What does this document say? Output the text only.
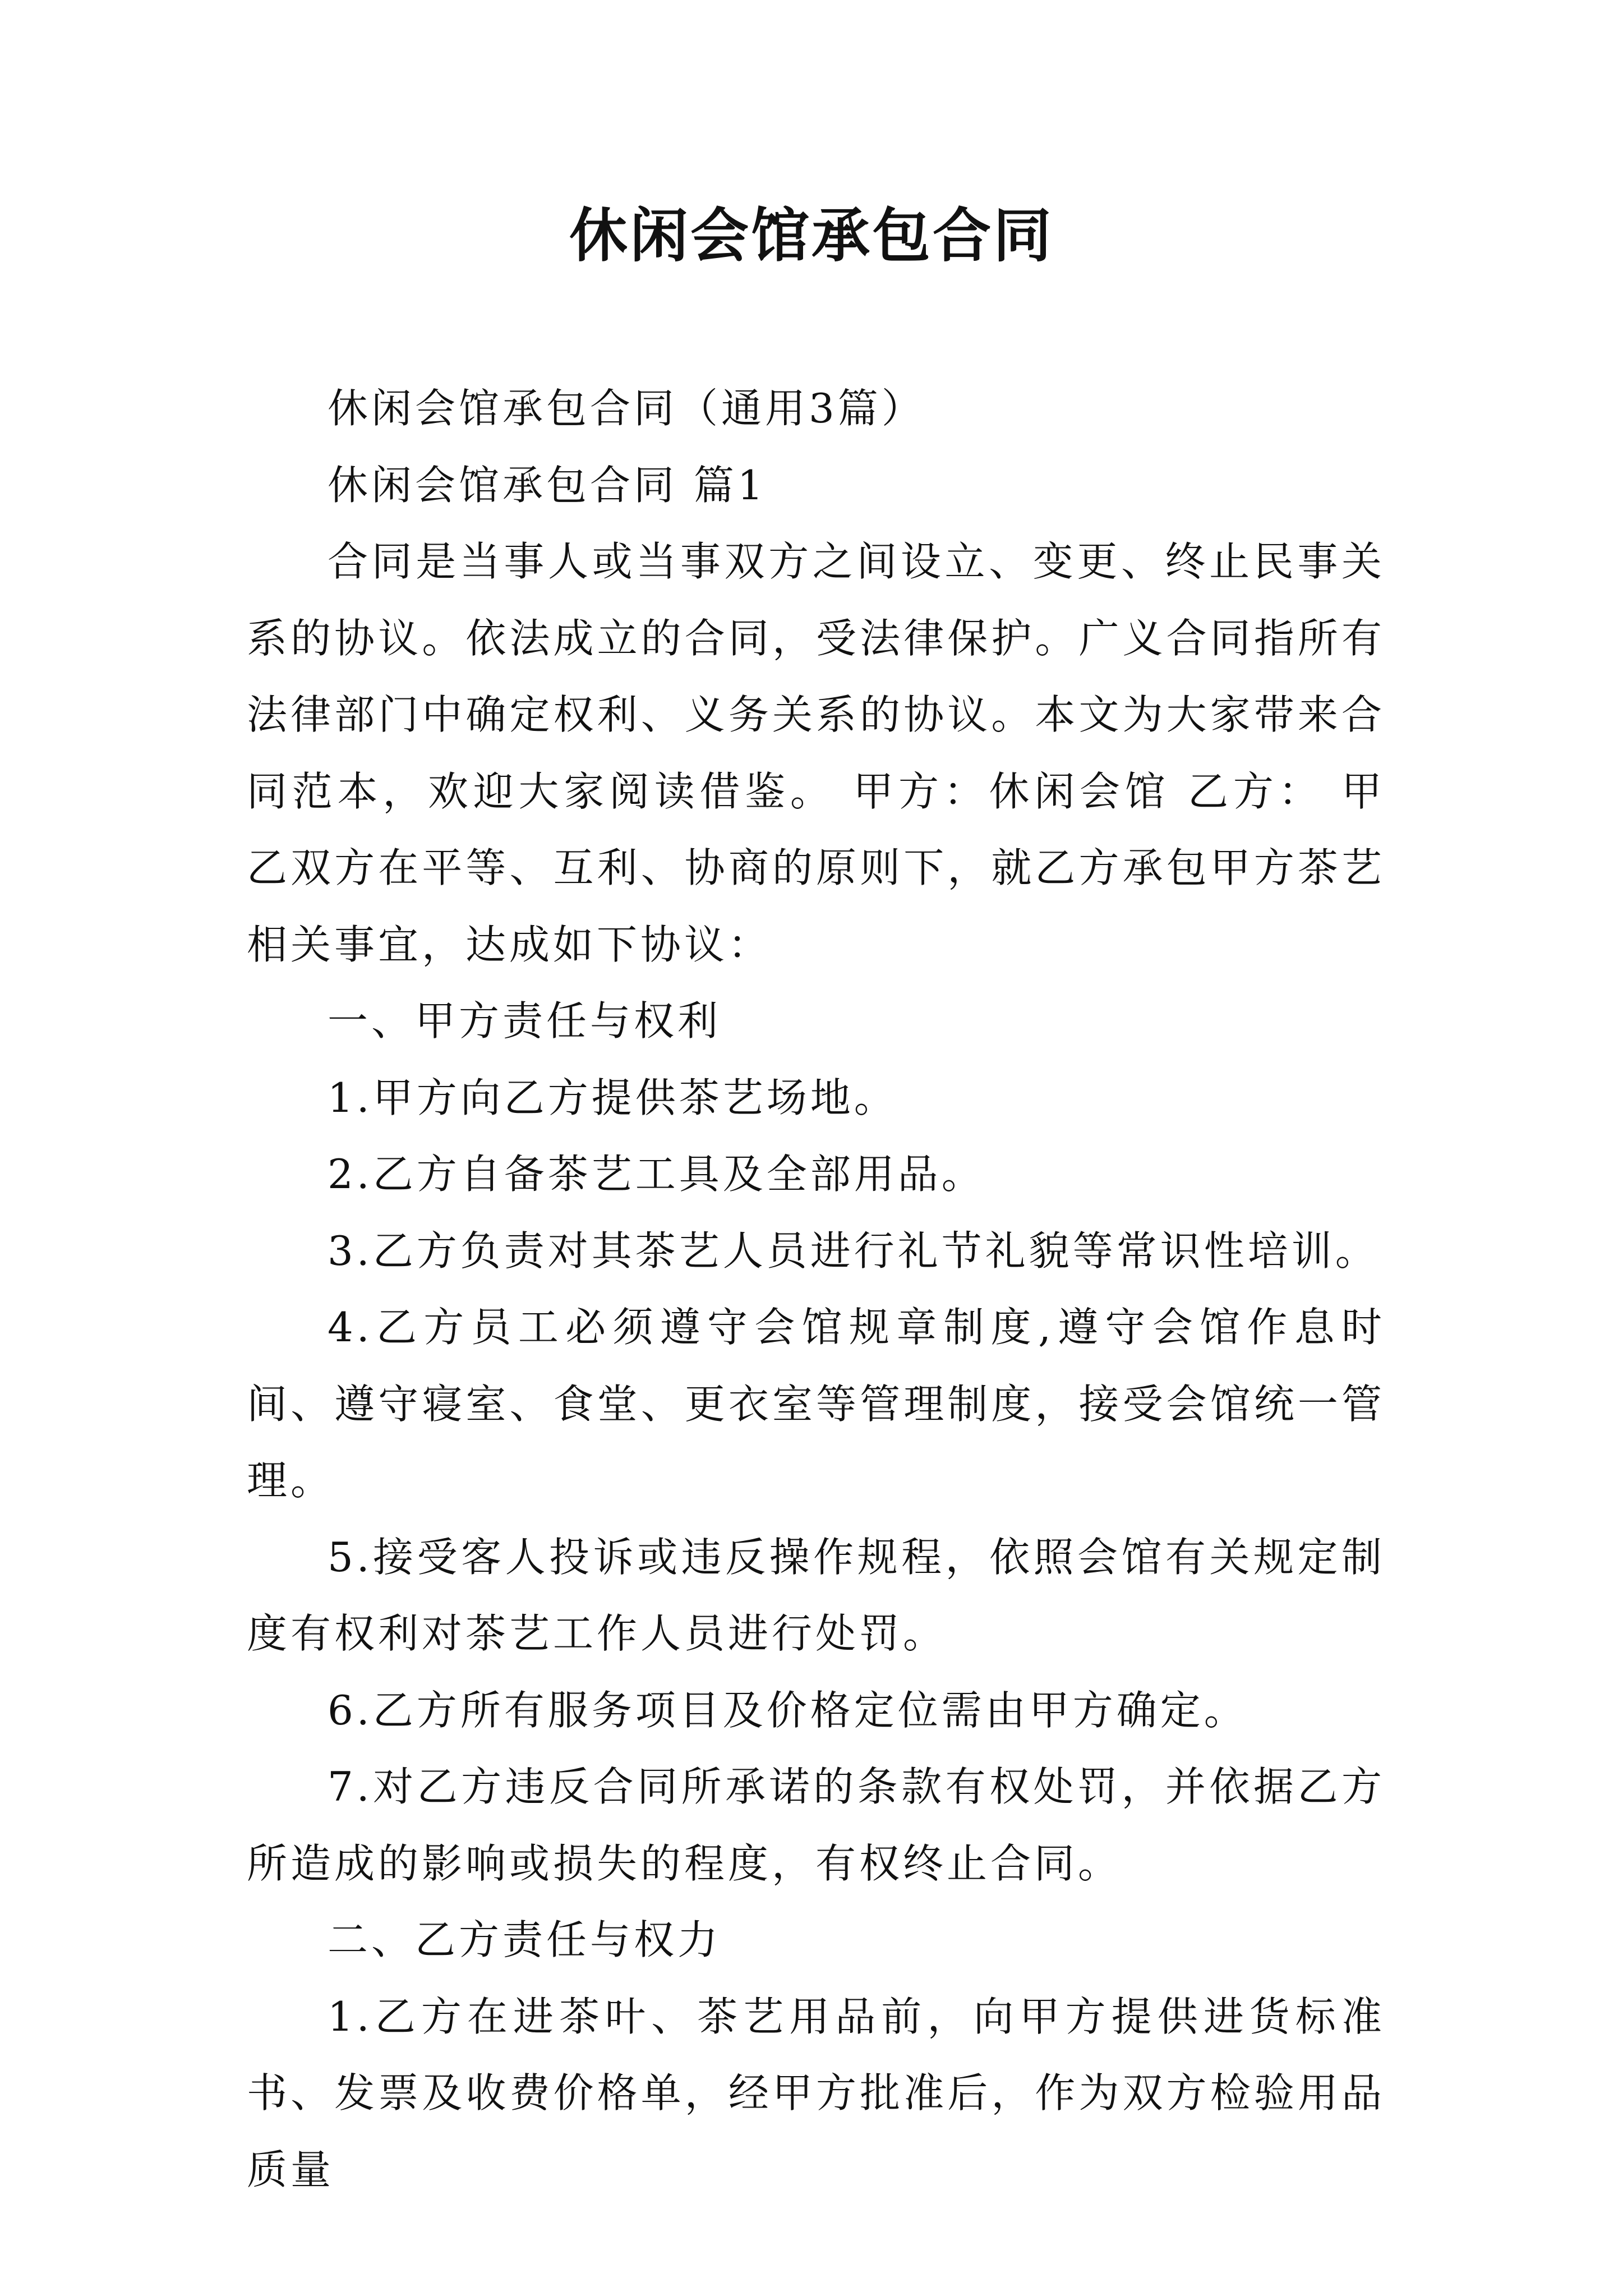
休闲会馆承包合同

休闲会馆承包合同（通用3篇）

休闲会馆承包合同 篇1

合同是当事人或当事双方之间设立、变更、终止民事关系的协议。依法成立的合同，受法律保护。广义合同指所有法律部门中确定权利、义务关系的协议。本文为大家带来合同范本，欢迎大家阅读借鉴。 甲方：休闲会馆 乙方： 甲乙双方在平等、互利、协商的原则下，就乙方承包甲方茶艺相关事宜，达成如下协议：

一、甲方责任与权利

1.甲方向乙方提供茶艺场地。

2.乙方自备茶艺工具及全部用品。

3.乙方负责对其茶艺人员进行礼节礼貌等常识性培训。

4.乙方员工必须遵守会馆规章制度,遵守会馆作息时间、遵守寝室、食堂、更衣室等管理制度，接受会馆统一管理。

5.接受客人投诉或违反操作规程，依照会馆有关规定制度有权利对茶艺工作人员进行处罚。

6.乙方所有服务项目及价格定位需由甲方确定。

7.对乙方违反合同所承诺的条款有权处罚，并依据乙方所造成的影响或损失的程度，有权终止合同。

二、乙方责任与权力

1.乙方在进茶叶、茶艺用品前，向甲方提供进货标准书、发票及收费价格单，经甲方批准后，作为双方检验用品质量
